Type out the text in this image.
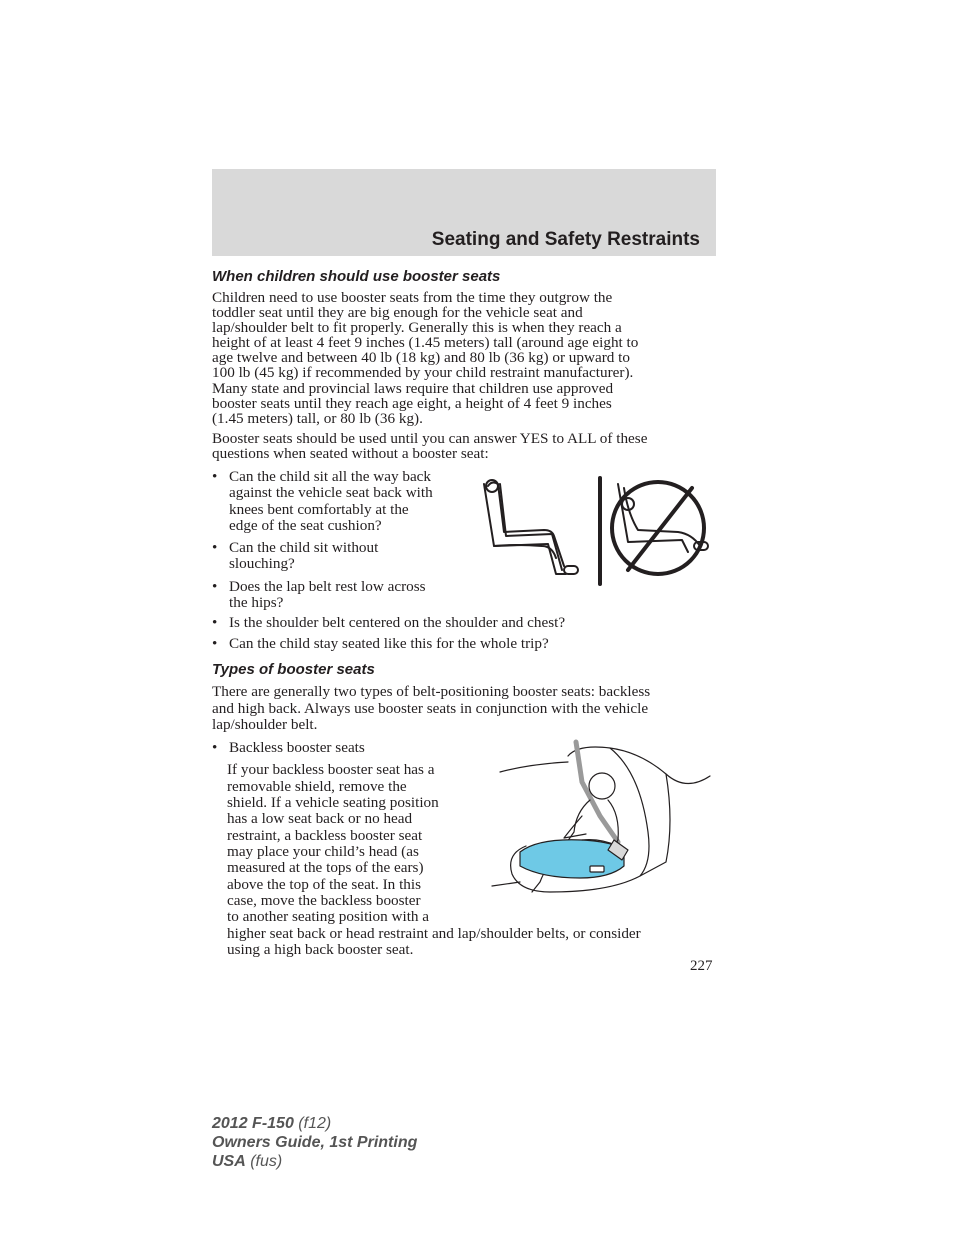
Seating and Safety Restraints
When children should use booster seats
Children need to use booster seats from the time they outgrow the
toddler seat until they are big enough for the vehicle seat and
lap/shoulder belt to fit properly. Generally this is when they reach a
height of at least 4 feet 9 inches (1.45 meters) tall (around age eight to
age twelve and between 40 lb (18 kg) and 80 lb (36 kg) or upward to
100 lb (45 kg) if recommended by your child restraint manufacturer).
Many state and provincial laws require that children use approved
booster seats until they reach age eight, a height of 4 feet 9 inches
(1.45 meters) tall, or 80 lb (36 kg).
Booster seats should be used until you can answer YES to ALL of these
questions when seated without a booster seat:
• Can the child sit all the way back
against the vehicle seat back with
knees bent comfortably at the
edge of the seat cushion?
• Can the child sit without
slouching?
• Does the lap belt rest low across
the hips?
• Is the shoulder belt centered on the shoulder and chest?
• Can the child stay seated like this for the whole trip?
Types of booster seats
There are generally two types of belt-positioning booster seats: backless
and high back. Always use booster seats in conjunction with the vehicle
lap/shoulder belt.
• Backless booster seats
If your backless booster seat has a
removable shield, remove the
shield. If a vehicle seating position
has a low seat back or no head
restraint, a backless booster seat
may place your child’s head (as
measured at the tops of the ears)
above the top of the seat. In this
case, move the backless booster
to another seating position with a
higher seat back or head restraint and lap/shoulder belts, or consider
using a high back booster seat.
227
2012 F-150 (f12)
Owners Guide, 1st Printing
USA (fus)
